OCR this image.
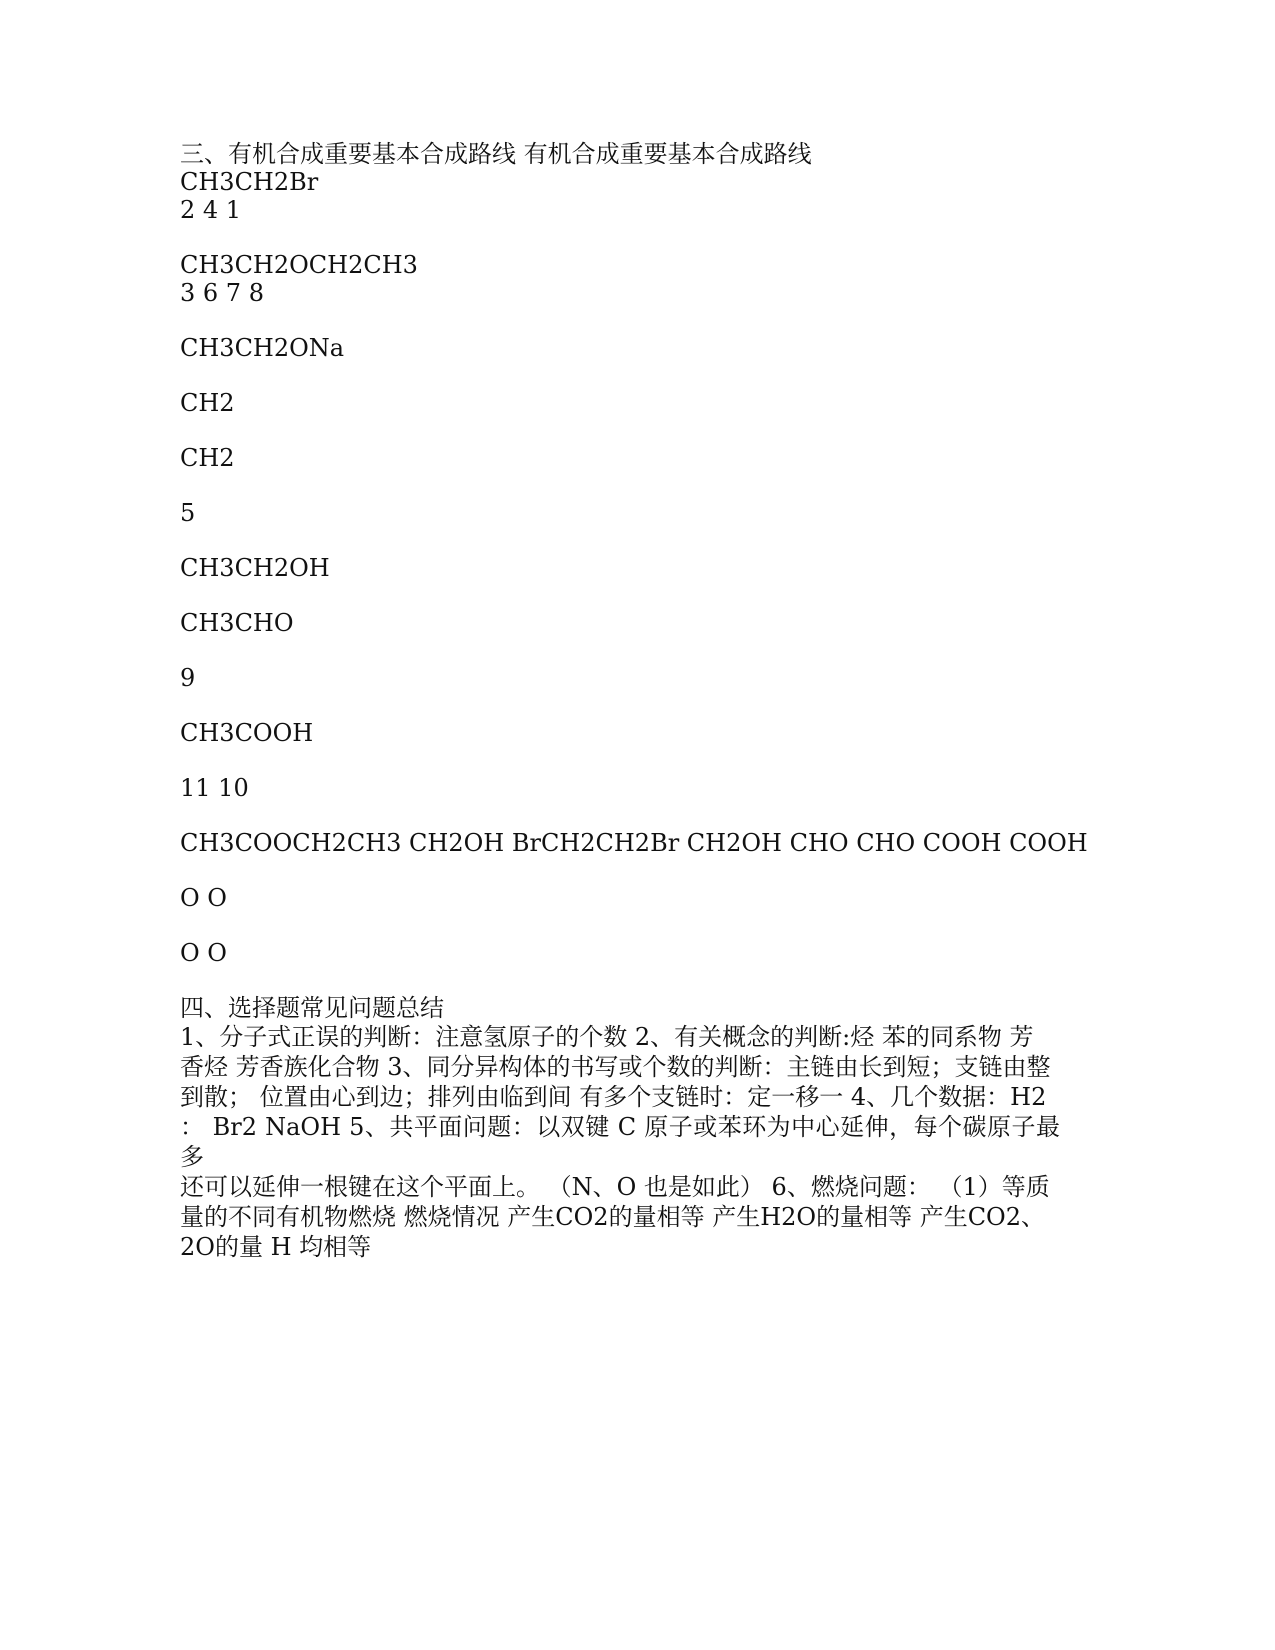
三、有机合成重要基本合成路线 有机合成重要基本合成路线
CH3CH2Br
2 4 1
CH3CH2OCH2CH3
3 6 7 8
CH3CH2ONa
CH2
CH2
5
CH3CH2OH
CH3CHO
9
CH3COOH
11 10
CH3COOCH2CH3 CH2OH BrCH2CH2Br CH2OH CHO CHO COOH COOH
O O
O O
四、选择题常见问题总结
1、分子式正误的判断：注意氢原子的个数 2、有关概念的判断:烃 苯的同系物 芳
香烃 芳香族化合物 3、同分异构体的书写或个数的判断：主链由长到短；支链由整
到散； 位置由心到边；排列由临到间 有多个支链时：定一移一 4、几个数据：H2
： Br2 NaOH 5、共平面问题：以双键 C 原子或苯环为中心延伸，每个碳原子最多
还可以延伸一根键在这个平面上。 （N、O 也是如此） 6、燃烧问题： （1）等质
量的不同有机物燃烧 燃烧情况 产生CO2的量相等 产生H2O的量相等 产生CO2、
2O的量 H 均相等
